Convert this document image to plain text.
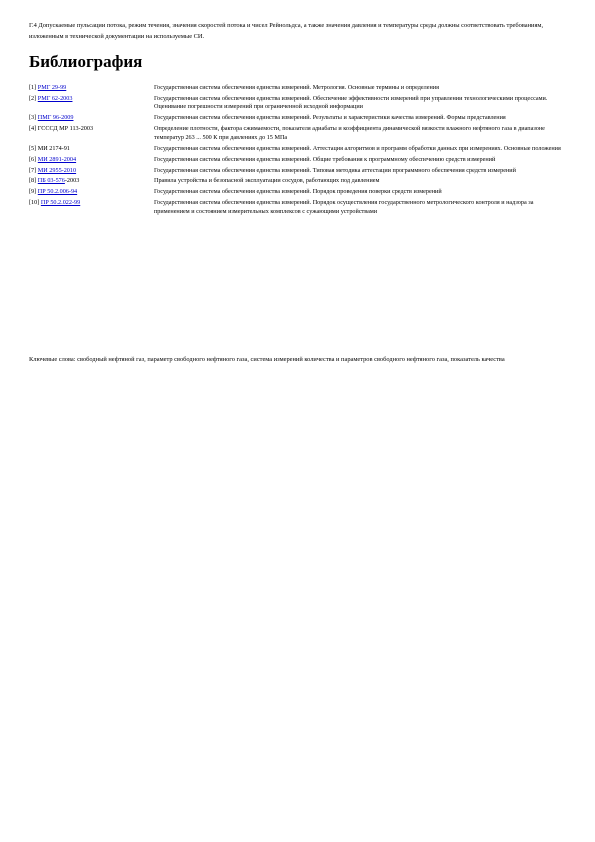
Г.4 Допускаемые пульсации потока, режим течения, значения скоростей потока и чисел Рейнольдса, а также значения давления и температуры среды должны соответствовать требованиям, изложенным в технической документации на используемые СИ.
Библиография
[1] РМГ 29-99	Государственная система обеспечения единства измерений. Метрология. Основные термины и определения
[2] РМГ 62-2003	Государственная система обеспечения единства измерений. Обеспечение эффективности измерений при управлении технологическими процессами. Оценивание погрешности измерений при ограниченной исходной информации
[3] ПМГ 96-2009	Государственная система обеспечения единства измерений. Результаты и характеристики качества измерений. Формы представления
[4] ГСССД МР 113-2003	Определение плотности, фактора сжимаемости, показателя адиабаты и коэффициента динамической вязкости влажного нефтяного газа в диапазоне температур 263 ... 500 К при давлениях до 15 МПа
[5] МИ 2174-91	Государственная система обеспечения единства измерений. Аттестация алгоритмов и программ обработки данных при измерениях. Основные положения
[6] МИ 2891-2004	Государственная система обеспечения единства измерений. Общие требования к программному обеспечению средств измерений
[7] МИ 2955-2010	Государственная система обеспечения единства измерений. Типовая методика аттестации программного обеспечения средств измерений
[8] ПБ 03-576-2003	Правила устройства и безопасной эксплуатации сосудов, работающих под давлением
[9] ПР 50.2.006-94	Государственная система обеспечения единства измерений. Порядок проведения поверки средств измерений
[10] ПР 50.2.022-99	Государственная система обеспечения единства измерений. Порядок осуществления государственного метрологического контроля и надзора за применением и состоянием измерительных комплексов с сужающими устройствами
Ключевые слова: свободный нефтяной газ, параметр свободного нефтяного газа, система измерений количества и параметров свободного нефтяного газа, показатель качества
